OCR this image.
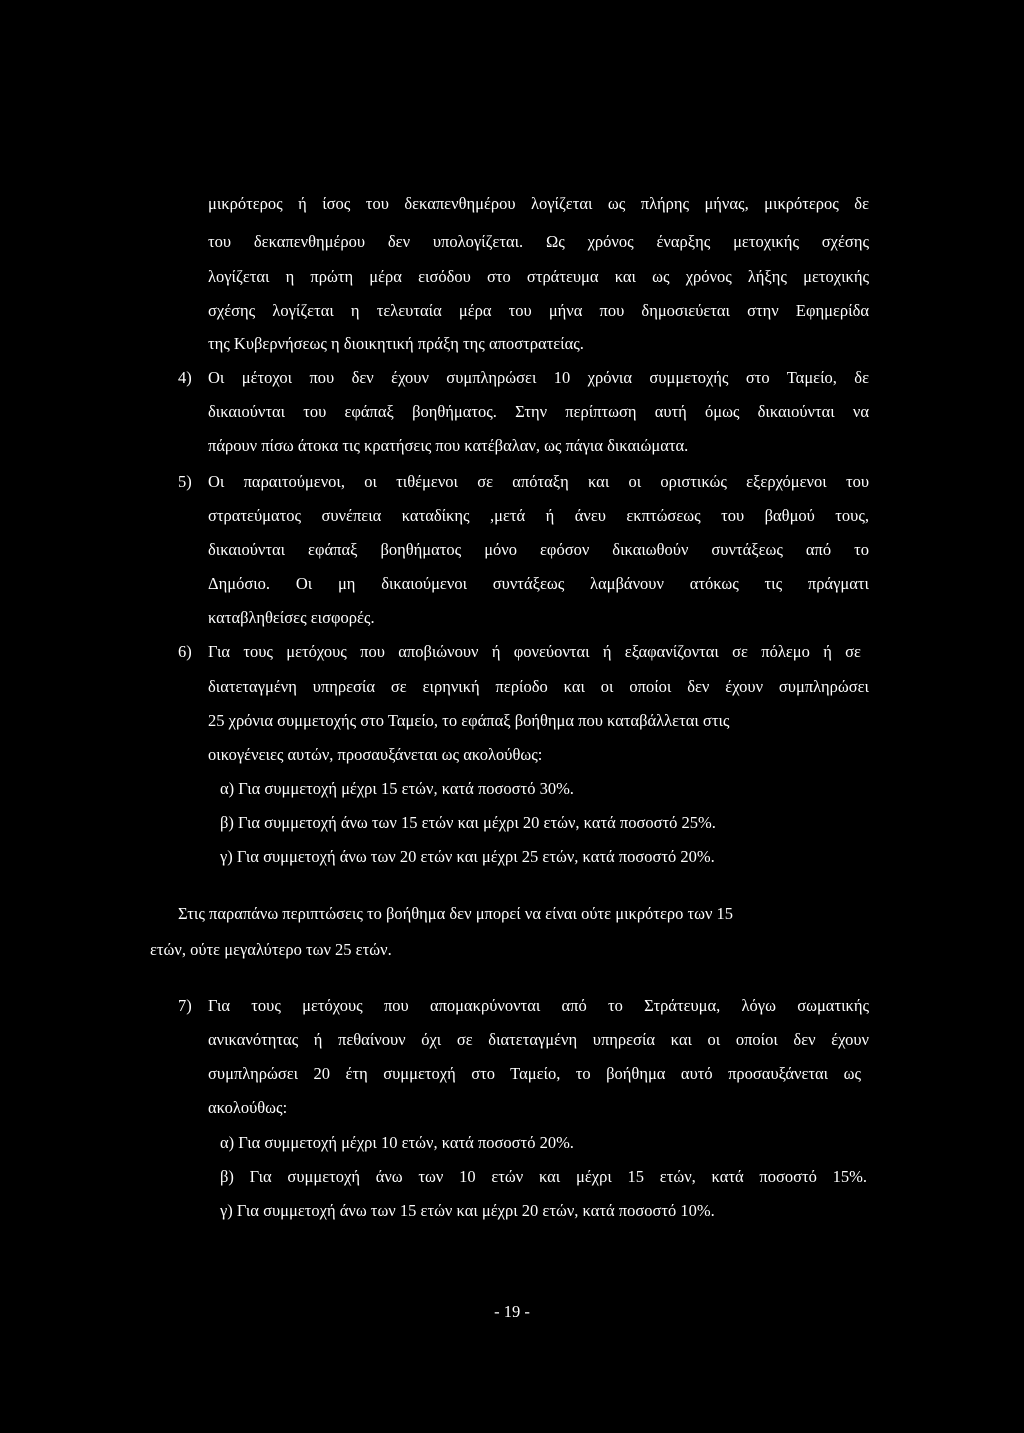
μικρότερος ή ίσος του δεκαπενθημέρου λογίζεται ως πλήρης μήνας, μικρότερος δε
του δεκαπενθημέρου δεν υπολογίζεται. Ως χρόνος έναρξης μετοχικής σχέσης
λογίζεται η πρώτη μέρα εισόδου στο στράτευμα και ως χρόνος λήξης μετοχικής
σχέσης λογίζεται η τελευταία μέρα του μήνα που δημοσιεύεται στην Εφημερίδα
της Κυβερνήσεως η διοικητική πράξη της αποστρατείας.
4) Οι μέτοχοι που δεν έχουν συμπληρώσει 10 χρόνια συμμετοχής στο Ταμείο, δε
δικαιούνται του εφάπαξ βοηθήματος. Στην περίπτωση αυτή όμως δικαιούνται να
πάρουν πίσω άτοκα τις κρατήσεις που κατέβαλαν, ως πάγια δικαιώματα.
5) Οι παραιτούμενοι, οι τιθέμενοι σε απόταξη και οι οριστικώς εξερχόμενοι του
στρατεύματος συνέπεια καταδίκης ,μετά ή άνευ εκπτώσεως του βαθμού τους,
δικαιούνται εφάπαξ βοηθήματος μόνο εφόσον δικαιωθούν συντάξεως από το
Δημόσιο. Οι μη δικαιούμενοι συντάξεως λαμβάνουν ατόκως τις πράγματι
καταβληθείσες εισφορές.
6) Για τους μετόχους που αποβιώνουν ή φονεύονται ή εξαφανίζονται σε πόλεμο ή σε
διατεταγμένη υπηρεσία σε ειρηνική περίοδο και οι οποίοι δεν έχουν συμπληρώσει
25 χρόνια συμμετοχής στο Ταμείο, το εφάπαξ βοήθημα που καταβάλλεται στις
οικογένειες αυτών, προσαυξάνεται ως ακολούθως:
α) Για συμμετοχή μέχρι 15 ετών, κατά ποσοστό 30%.
β) Για συμμετοχή άνω των 15 ετών και μέχρι 20 ετών, κατά ποσοστό 25%.
γ) Για συμμετοχή άνω των 20 ετών και μέχρι 25 ετών, κατά ποσοστό 20%.
Στις παραπάνω περιπτώσεις το βοήθημα δεν μπορεί να είναι ούτε μικρότερο των 15
ετών, ούτε μεγαλύτερο των 25 ετών.
7) Για τους μετόχους που απομακρύνονται από το Στράτευμα, λόγω σωματικής
ανικανότητας ή πεθαίνουν όχι σε διατεταγμένη υπηρεσία και οι οποίοι δεν έχουν
συμπληρώσει 20 έτη συμμετοχή στο Ταμείο, το βοήθημα αυτό προσαυξάνεται ως
ακολούθως:
α) Για συμμετοχή μέχρι 10 ετών, κατά ποσοστό 20%.
β) Για συμμετοχή άνω των 10 ετών και μέχρι 15 ετών, κατά ποσοστό 15%.
γ) Για συμμετοχή άνω των 15 ετών και μέχρι 20 ετών, κατά ποσοστό 10%.
- 19 -
